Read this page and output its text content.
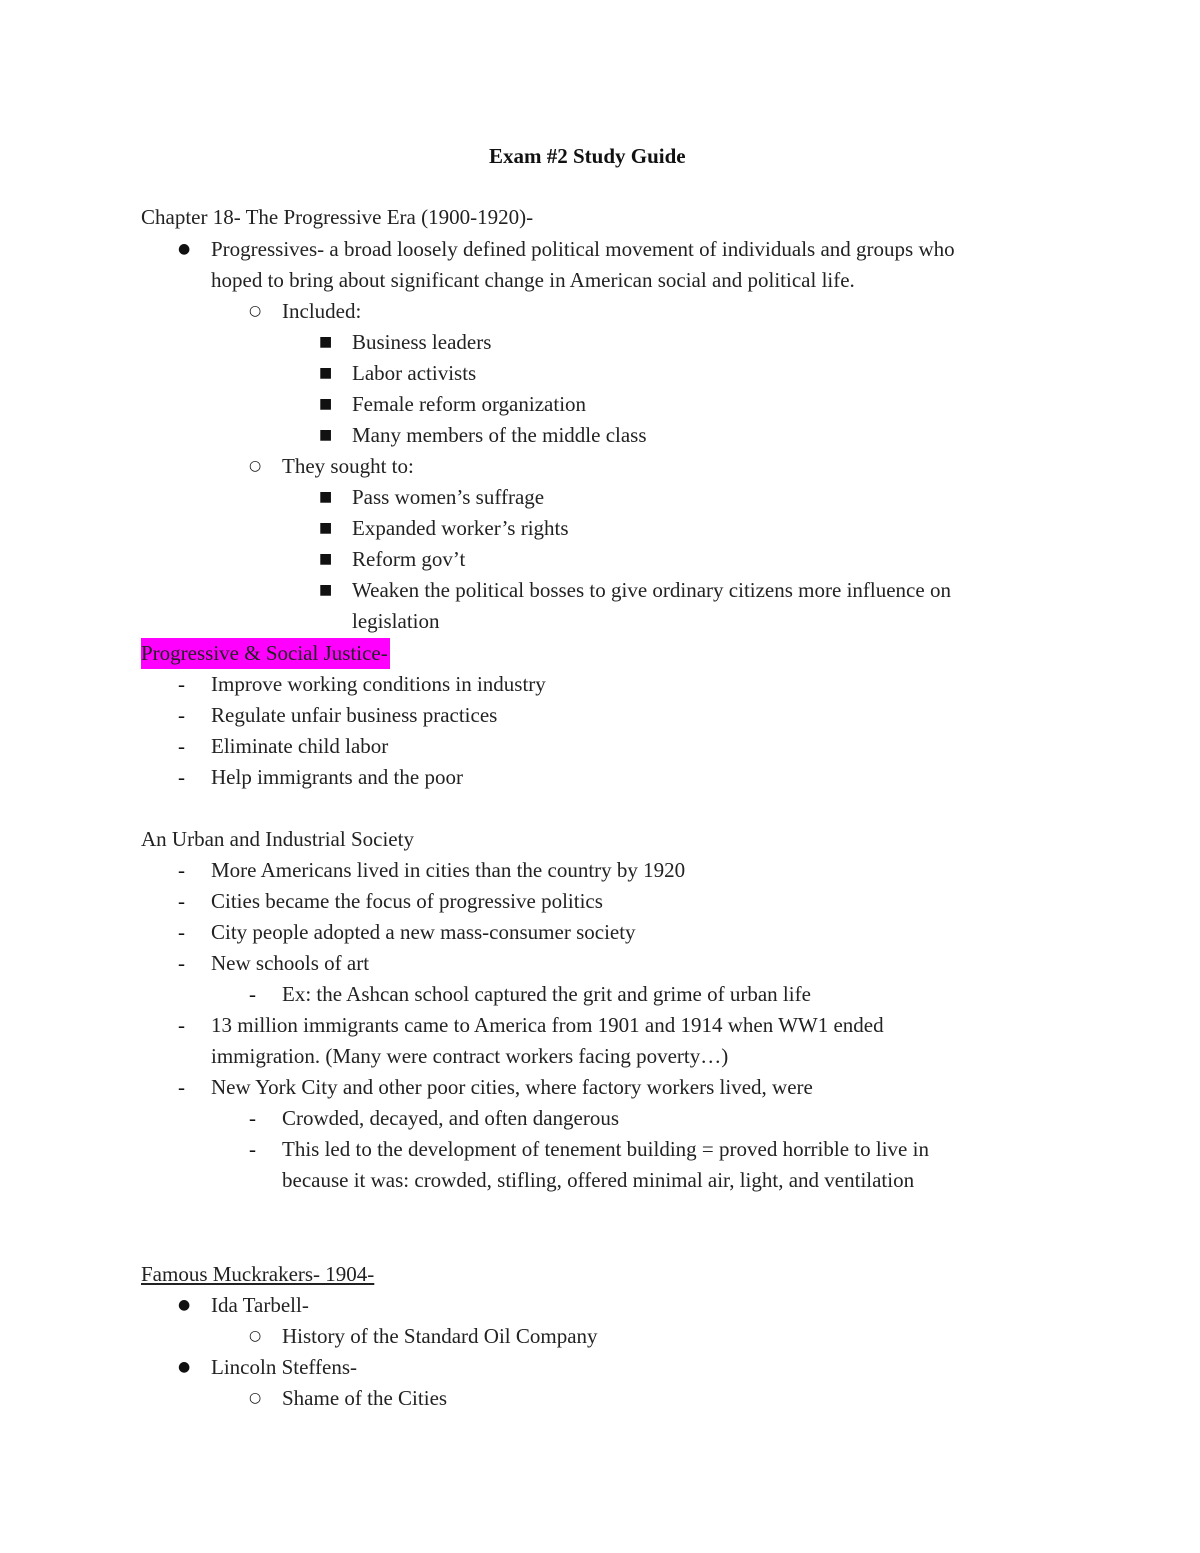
Exam #2 Study Guide
Chapter 18- The Progressive Era (1900-1920)-
● Progressives- a broad loosely defined political movement of individuals and groups who
hoped to bring about significant change in American social and political life.
○ Included:
■ Business leaders
■ Labor activists
■ Female reform organization
■ Many members of the middle class
○ They sought to:
■ Pass women’s suffrage
■ Expanded worker’s rights
■ Reform gov’t
■ Weaken the political bosses to give ordinary citizens more influence on
legislation
Progressive & Social Justice-
- Improve working conditions in industry
- Regulate unfair business practices
- Eliminate child labor
- Help immigrants and the poor
An Urban and Industrial Society
- More Americans lived in cities than the country by 1920
- Cities became the focus of progressive politics
- City people adopted a new mass-consumer society
- New schools of art
- Ex: the Ashcan school captured the grit and grime of urban life
- 13 million immigrants came to America from 1901 and 1914 when WW1 ended
immigration. (Many were contract workers facing poverty…)
- New York City and other poor cities, where factory workers lived, were
- Crowded, decayed, and often dangerous
- This led to the development of tenement building = proved horrible to live in
because it was: crowded, stifling, offered minimal air, light, and ventilation
Famous Muckrakers- 1904-
● Ida Tarbell-
○ History of the Standard Oil Company
● Lincoln Steffens-
○ Shame of the Cities
